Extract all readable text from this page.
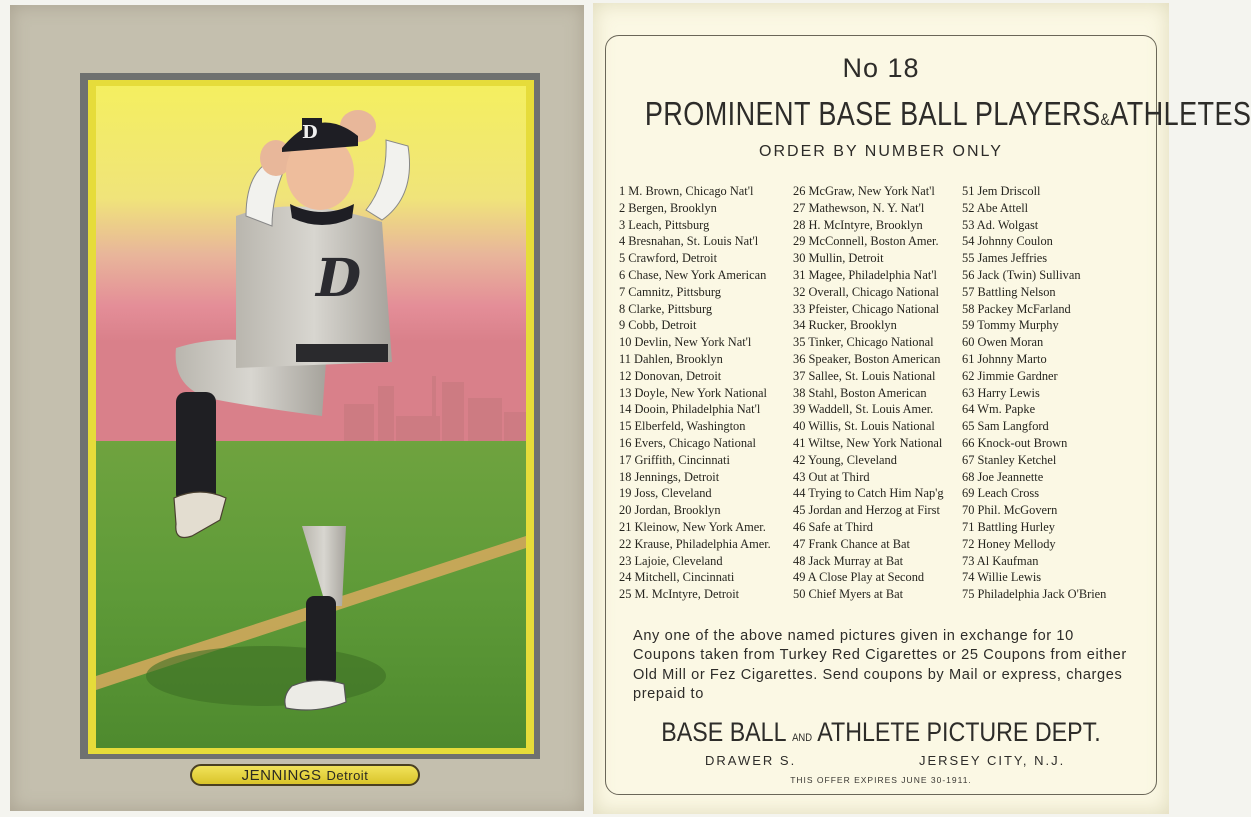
D
D
JENNINGS Detroit
No 18
PROMINENT BASE BALL PLAYERS&ATHLETES
ORDER BY NUMBER ONLY
1 M. Brown, Chicago Nat'l
2 Bergen, Brooklyn
3 Leach, Pittsburg
4 Bresnahan, St. Louis Nat'l
5 Crawford, Detroit
6 Chase, New York American
7 Camnitz, Pittsburg
8 Clarke, Pittsburg
9 Cobb, Detroit
10 Devlin, New York Nat'l
11 Dahlen, Brooklyn
12 Donovan, Detroit
13 Doyle, New York National
14 Dooin, Philadelphia Nat'l
15 Elberfeld, Washington
16 Evers, Chicago National
17 Griffith, Cincinnati
18 Jennings, Detroit
19 Joss, Cleveland
20 Jordan, Brooklyn
21 Kleinow, New York Amer.
22 Krause, Philadelphia Amer.
23 Lajoie, Cleveland
24 Mitchell, Cincinnati
25 M. McIntyre, Detroit
26 McGraw, New York Nat'l
27 Mathewson, N. Y. Nat'l
28 H. McIntyre, Brooklyn
29 McConnell, Boston Amer.
30 Mullin, Detroit
31 Magee, Philadelphia Nat'l
32 Overall, Chicago National
33 Pfeister, Chicago National
34 Rucker, Brooklyn
35 Tinker, Chicago National
36 Speaker, Boston American
37 Sallee, St. Louis National
38 Stahl, Boston American
39 Waddell, St. Louis Amer.
40 Willis, St. Louis National
41 Wiltse, New York National
42 Young, Cleveland
43 Out at Third
44 Trying to Catch Him Nap'g
45 Jordan and Herzog at First
46 Safe at Third
47 Frank Chance at Bat
48 Jack Murray at Bat
49 A Close Play at Second
50 Chief Myers at Bat
51 Jem Driscoll
52 Abe Attell
53 Ad. Wolgast
54 Johnny Coulon
55 James Jeffries
56 Jack (Twin) Sullivan
57 Battling Nelson
58 Packey McFarland
59 Tommy Murphy
60 Owen Moran
61 Johnny Marto
62 Jimmie Gardner
63 Harry Lewis
64 Wm. Papke
65 Sam Langford
66 Knock-out Brown
67 Stanley Ketchel
68 Joe Jeannette
69 Leach Cross
70 Phil. McGovern
71 Battling Hurley
72 Honey Mellody
73 Al Kaufman
74 Willie Lewis
75 Philadelphia Jack O'Brien

Any one of the above named pictures given in exchange for 10 Coupons taken from Turkey Red Cigarettes or 25 Coupons from either Old Mill or Fez Cigarettes. Send coupons by Mail or express, charges prepaid to

BASE BALL AND ATHLETE PICTURE DEPT.
DRAWER S.	JERSEY CITY, N.J.
THIS OFFER EXPIRES JUNE 30-1911.
